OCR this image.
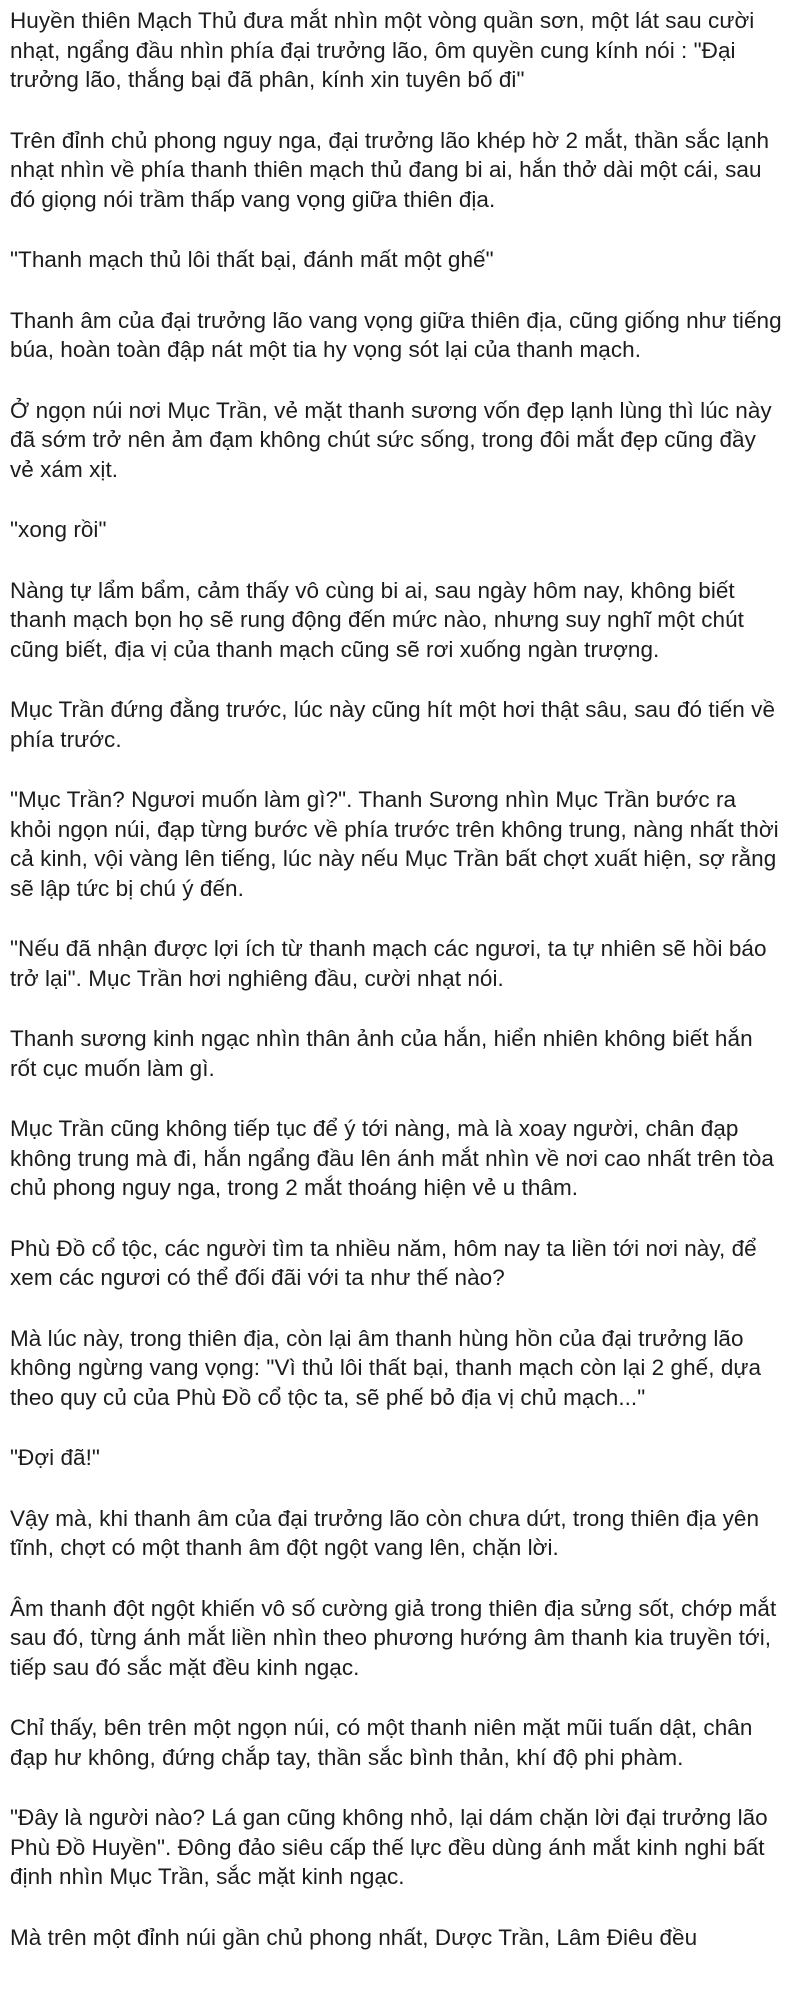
Huyền thiên Mạch Thủ đưa mắt nhìn một vòng quần sơn, một lát sau cười nhạt, ngẩng đầu nhìn phía đại trưởng lão, ôm quyền cung kính nói : "Đại trưởng lão, thắng bại đã phân, kính xin tuyên bố đi"

Trên đỉnh chủ phong nguy nga, đại trưởng lão khép hờ 2 mắt, thần sắc lạnh nhạt nhìn về phía thanh thiên mạch thủ đang bi ai, hắn thở dài một cái, sau đó giọng nói trầm thấp vang vọng giữa thiên địa.

"Thanh mạch thủ lôi thất bại, đánh mất một ghế"

Thanh âm của đại trưởng lão vang vọng giữa thiên địa, cũng giống như tiếng búa, hoàn toàn đập nát một tia hy vọng sót lại của thanh mạch.

Ở ngọn núi nơi Mục Trần, vẻ mặt thanh sương vốn đẹp lạnh lùng thì lúc này đã sớm trở nên ảm đạm không chút sức sống, trong đôi mắt đẹp cũng đầy vẻ xám xịt.

"xong rồi"

Nàng tự lẩm bẩm, cảm thấy vô cùng bi ai, sau ngày hôm nay, không biết thanh mạch bọn họ sẽ rung động đến mức nào, nhưng suy nghĩ một chút cũng biết, địa vị của thanh mạch cũng sẽ rơi xuống ngàn trượng.

Mục Trần đứng đằng trước, lúc này cũng hít một hơi thật sâu, sau đó tiến về phía trước.

"Mục Trần? Ngươi muốn làm gì?". Thanh Sương nhìn Mục Trần bước ra khỏi ngọn núi, đạp từng bước về phía trước trên không trung, nàng nhất thời cả kinh, vội vàng lên tiếng, lúc này nếu Mục Trần bất chợt xuất hiện, sợ rằng sẽ lập tức bị chú ý đến.

"Nếu đã nhận được lợi ích từ thanh mạch các ngươi, ta tự nhiên sẽ hồi báo trở lại". Mục Trần hơi nghiêng đầu, cười nhạt nói.

Thanh sương kinh ngạc nhìn thân ảnh của hắn, hiển nhiên không biết hắn rốt cục muốn làm gì.

Mục Trần cũng không tiếp tục để ý tới nàng, mà là xoay người, chân đạp không trung mà đi, hắn ngẩng đầu lên ánh mắt nhìn về nơi cao nhất trên tòa chủ phong nguy nga, trong 2 mắt thoáng hiện vẻ u thâm.

Phù Đồ cổ tộc, các người tìm ta nhiều năm, hôm nay ta liền tới nơi này, để xem các ngươi có thể đối đãi với ta như thế nào?

Mà lúc này, trong thiên địa, còn lại âm thanh hùng hồn của đại trưởng lão không ngừng vang vọng: "Vì thủ lôi thất bại, thanh mạch còn lại 2 ghế, dựa theo quy củ của Phù Đồ cổ tộc ta, sẽ phế bỏ địa vị chủ mạch..."

"Đợi đã!"

Vậy mà, khi thanh âm của đại trưởng lão còn chưa dứt, trong thiên địa yên tĩnh, chợt có một thanh âm đột ngột vang lên, chặn lời.

Âm thanh đột ngột khiến vô số cường giả trong thiên địa sửng sốt, chớp mắt sau đó, từng ánh mắt liền nhìn theo phương hướng âm thanh kia truyền tới, tiếp sau đó sắc mặt đều kinh ngạc.

Chỉ thấy, bên trên một ngọn núi, có một thanh niên mặt mũi tuấn dật, chân đạp hư không, đứng chắp tay, thần sắc bình thản, khí độ phi phàm.

"Đây là người nào? Lá gan cũng không nhỏ, lại dám chặn lời đại trưởng lão Phù Đồ Huyền". Đông đảo siêu cấp thế lực đều dùng ánh mắt kinh nghi bất định nhìn Mục Trần, sắc mặt kinh ngạc.

Mà trên một đỉnh núi gần chủ phong nhất, Dược Trần, Lâm Điêu đều
